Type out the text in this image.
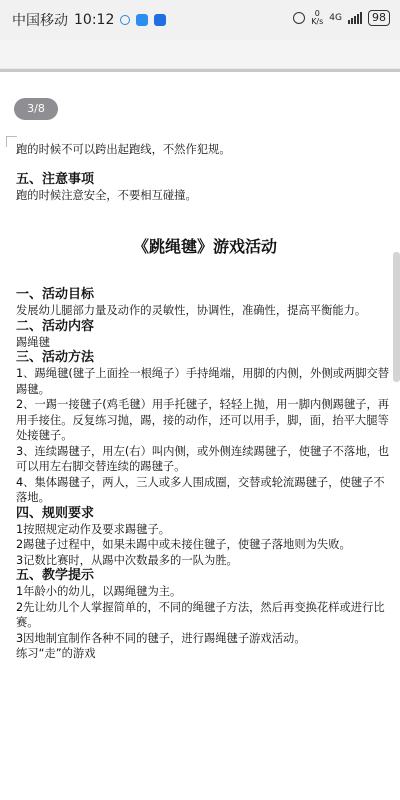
中国移动 10:12	0
K/s 4G	98
3/8

跑的时候不可以跨出起跑线，不然作犯规。

五、注意事项

跑的时候注意安全，不要相互碰撞。

《跳绳毽》游戏活动

一、活动目标

发展幼儿腿部力量及动作的灵敏性，协调性，准确性，提高平衡能力。

二、活动内容

踢绳毽

三、活动方法

1、踢绳毽(毽子上面拴一根绳子）手持绳端，用脚的内侧，外侧或两脚交替

踢毽。

2、一踢一接毽子(鸡毛毽）用手托毽子，轻轻上抛，用一脚内侧踢毽子，再

用手接住。反复练习抛，踢，接的动作，还可以用手，脚，面，抬平大腿等

处接毽子。

3、连续踢毽子，用左(右）叫内侧，或外侧连续踢毽子，使毽子不落地，也

可以用左右脚交替连续的踢毽子。

4、集体踢毽子，两人，三人或多人围成圈，交替或轮流踢毽子，使毽子不

落地。

四、规则要求

1按照规定动作及要求踢毽子。

2踢毽子过程中，如果未踢中或未接住毽子，使毽子落地则为失败。

3记数比赛时，从踢中次数最多的一队为胜。

五、教学提示

1年龄小的幼儿，以踢绳毽为主。

2先让幼儿个人掌握简单的，不同的绳毽子方法，然后再变换花样或进行比

赛。

3因地制宜制作各种不同的毽子，进行踢绳毽子游戏活动。

练习“走”的游戏
